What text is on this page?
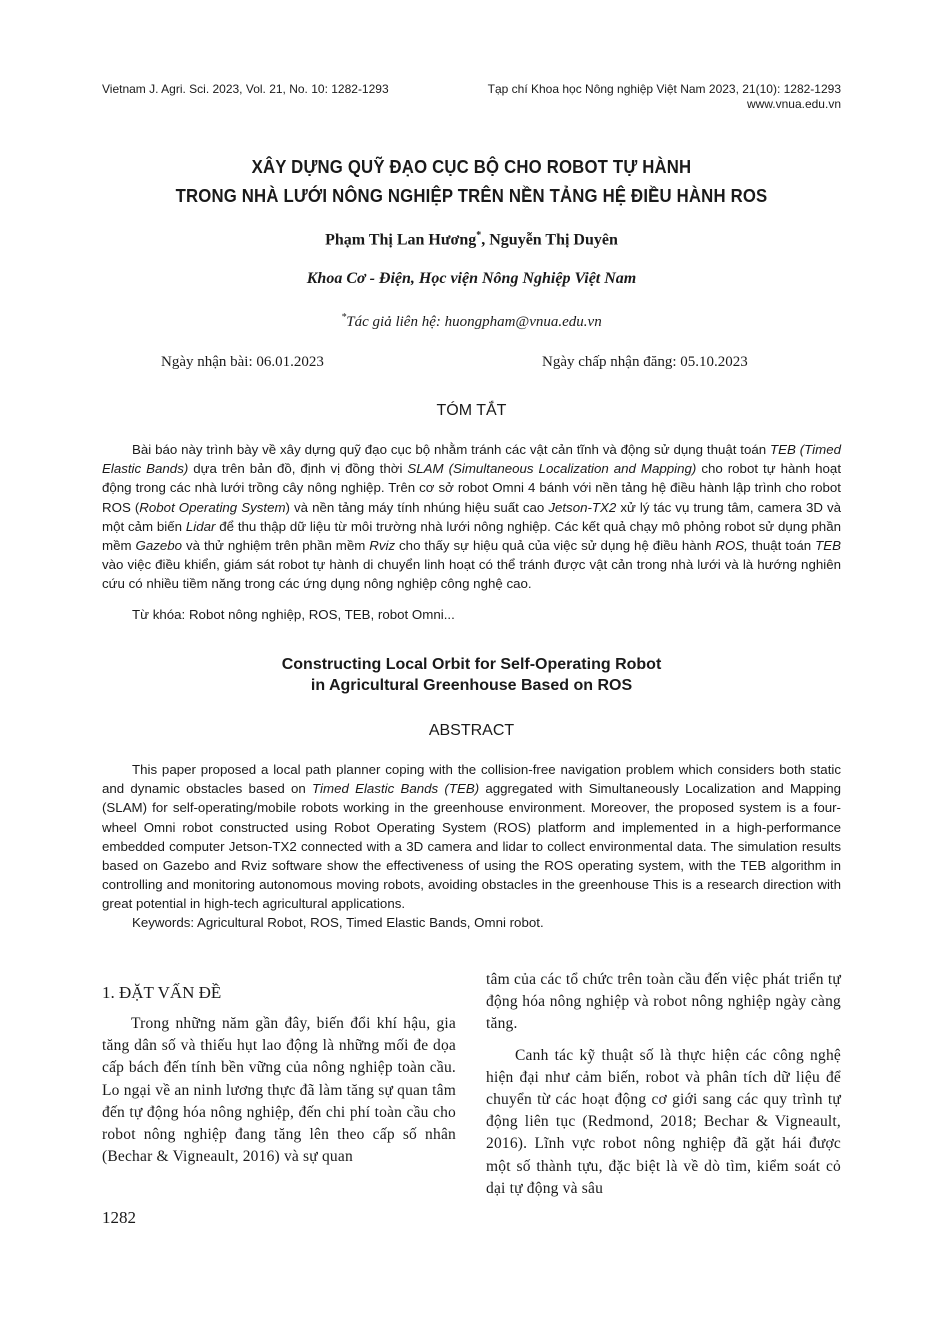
Vietnam J. Agri. Sci. 2023, Vol. 21, No. 10: 1282-1293	Tạp chí Khoa học Nông nghiệp Việt Nam 2023, 21(10): 1282-1293
www.vnua.edu.vn
XÂY DỰNG QUỸ ĐẠO CỤC BỘ CHO ROBOT TỰ HÀNH
TRONG NHÀ LƯỚI NÔNG NGHIỆP TRÊN NỀN TẢNG HỆ ĐIỀU HÀNH ROS
Phạm Thị Lan Hương*, Nguyễn Thị Duyên
Khoa Cơ - Điện, Học viện Nông Nghiệp Việt Nam
*Tác giả liên hệ: huongpham@vnua.edu.vn
Ngày nhận bài: 06.01.2023	Ngày chấp nhận đăng: 05.10.2023
TÓM TẮT

Bài báo này trình bày về xây dựng quỹ đạo cục bộ nhằm tránh các vật cản tĩnh và động sử dụng thuật toán TEB (Timed Elastic Bands) dựa trên bản đồ, định vị đồng thời SLAM (Simultaneous Localization and Mapping) cho robot tự hành hoạt động trong các nhà lưới trồng cây nông nghiệp. Trên cơ sở robot Omni 4 bánh với nền tảng hệ điều hành lập trình cho robot ROS (Robot Operating System) và nền tảng máy tính nhúng hiệu suất cao Jetson-TX2 xử lý tác vụ trung tâm, camera 3D và một cảm biến Lidar để thu thập dữ liệu từ môi trường nhà lưới nông nghiệp. Các kết quả chạy mô phỏng robot sử dụng phần mềm Gazebo và thử nghiệm trên phần mềm Rviz cho thấy sự hiệu quả của việc sử dụng hệ điều hành ROS, thuật toán TEB vào việc điều khiển, giám sát robot tự hành di chuyển linh hoạt có thể tránh được vật cản trong nhà lưới và là hướng nghiên cứu có nhiều tiềm năng trong các ứng dụng nông nghiệp công nghệ cao.

Từ khóa: Robot nông nghiệp, ROS, TEB, robot Omni...
Constructing Local Orbit for Self-Operating Robot
in Agricultural Greenhouse Based on ROS
ABSTRACT

This paper proposed a local path planner coping with the collision-free navigation problem which considers both static and dynamic obstacles based on Timed Elastic Bands (TEB) aggregated with Simultaneously Localization and Mapping (SLAM) for self-operating/mobile robots working in the greenhouse environment. Moreover, the proposed system is a four-wheel Omni robot constructed using Robot Operating System (ROS) platform and implemented in a high-performance embedded computer Jetson-TX2 connected with a 3D camera and lidar to collect environmental data. The simulation results based on Gazebo and Rviz software show the effectiveness of using the ROS operating system, with the TEB algorithm in controlling and monitoring autonomous moving robots, avoiding obstacles in the greenhouse This is a research direction with great potential in high-tech agricultural applications.

Keywords: Agricultural Robot, ROS, Timed Elastic Bands, Omni robot.
1. ĐẶT VẤN ĐỀ

Trong những năm gần đây, biến đổi khí hậu, gia tăng dân số và thiếu hụt lao động là những mối đe dọa cấp bách đến tính bền vững của nông nghiệp toàn cầu. Lo ngại về an ninh lương thực đã làm tăng sự quan tâm đến tự động hóa nông nghiệp, đến chi phí toàn cầu cho robot nông nghiệp đang tăng lên theo cấp số nhân (Bechar & Vigneault, 2016) và sự quan

tâm của các tổ chức trên toàn cầu đến việc phát triển tự động hóa nông nghiệp và robot nông nghiệp ngày càng tăng.

Canh tác kỹ thuật số là thực hiện các công nghệ hiện đại như cảm biến, robot và phân tích dữ liệu để chuyển từ các hoạt động cơ giới sang các quy trình tự động liên tục (Redmond, 2018; Bechar & Vigneault, 2016). Lĩnh vực robot nông nghiệp đã gặt hái được một số thành tựu, đặc biệt là về dò tìm, kiểm soát cỏ dại tự động và sâu

1282
